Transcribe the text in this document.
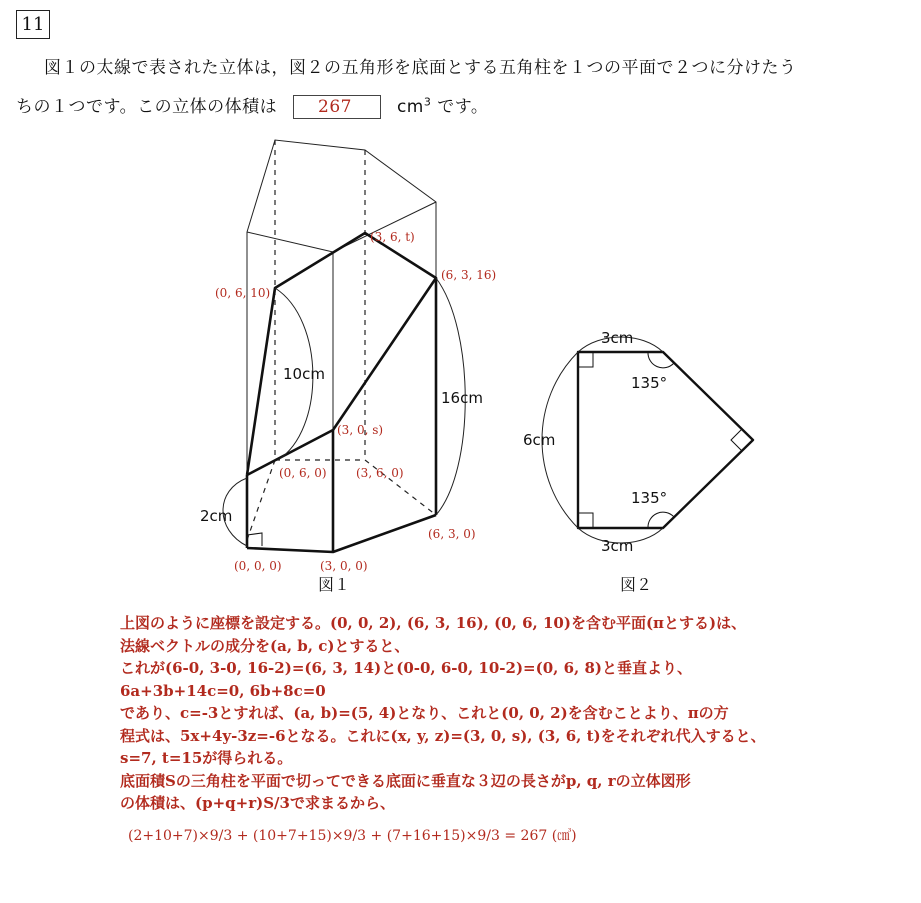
11
図１の太線で表された立体は，図２の五角形を底面とする五角柱を１つの平面で２つに分けたう
ちの１つです。この立体の体積は 267	$cm^3$ です。
(0, 6, 10)
(3, 6, t)
(6, 3, 16)
(3, 0, s)
(0, 6, 0) (3, 6, 0)
(6, 3, 0)
(0, 0, 0)	(3, 0, 0)
10cm
16cm
2cm
図１
3cm
6cm
3cm
135°
135°
図２
上図のように座標を設定する。(0, 0, 2), (6, 3, 16), (0, 6, 10)を含む平面(πとする)は、
法線ベクトルの成分を(a, b, c)とすると、
これが(6-0, 3-0, 16-2)=(6, 3, 14)と(0-0, 6-0, 10-2)=(0, 6, 8)と垂直より、
6a+3b+14c=0, 6b+8c=0
であり、c=-3とすれば、(a, b)=(5, 4)となり、これと(0, 0, 2)を含むことより、πの方
程式は、5x+4y-3z=-6となる。これに(x, y, z)=(3, 0, s), (3, 6, t)をそれぞれ代入すると、
s=7, t=15が得られる。
底面積Sの三角柱を平面で切ってできる底面に垂直な３辺の長さがp, q, rの立体図形
の体積は、(p+q+r)S/3で求まるから、
(2+10+7)×9/3 + (10+7+15)×9/3 + (7+16+15)×9/3 = 267 (㎤)
